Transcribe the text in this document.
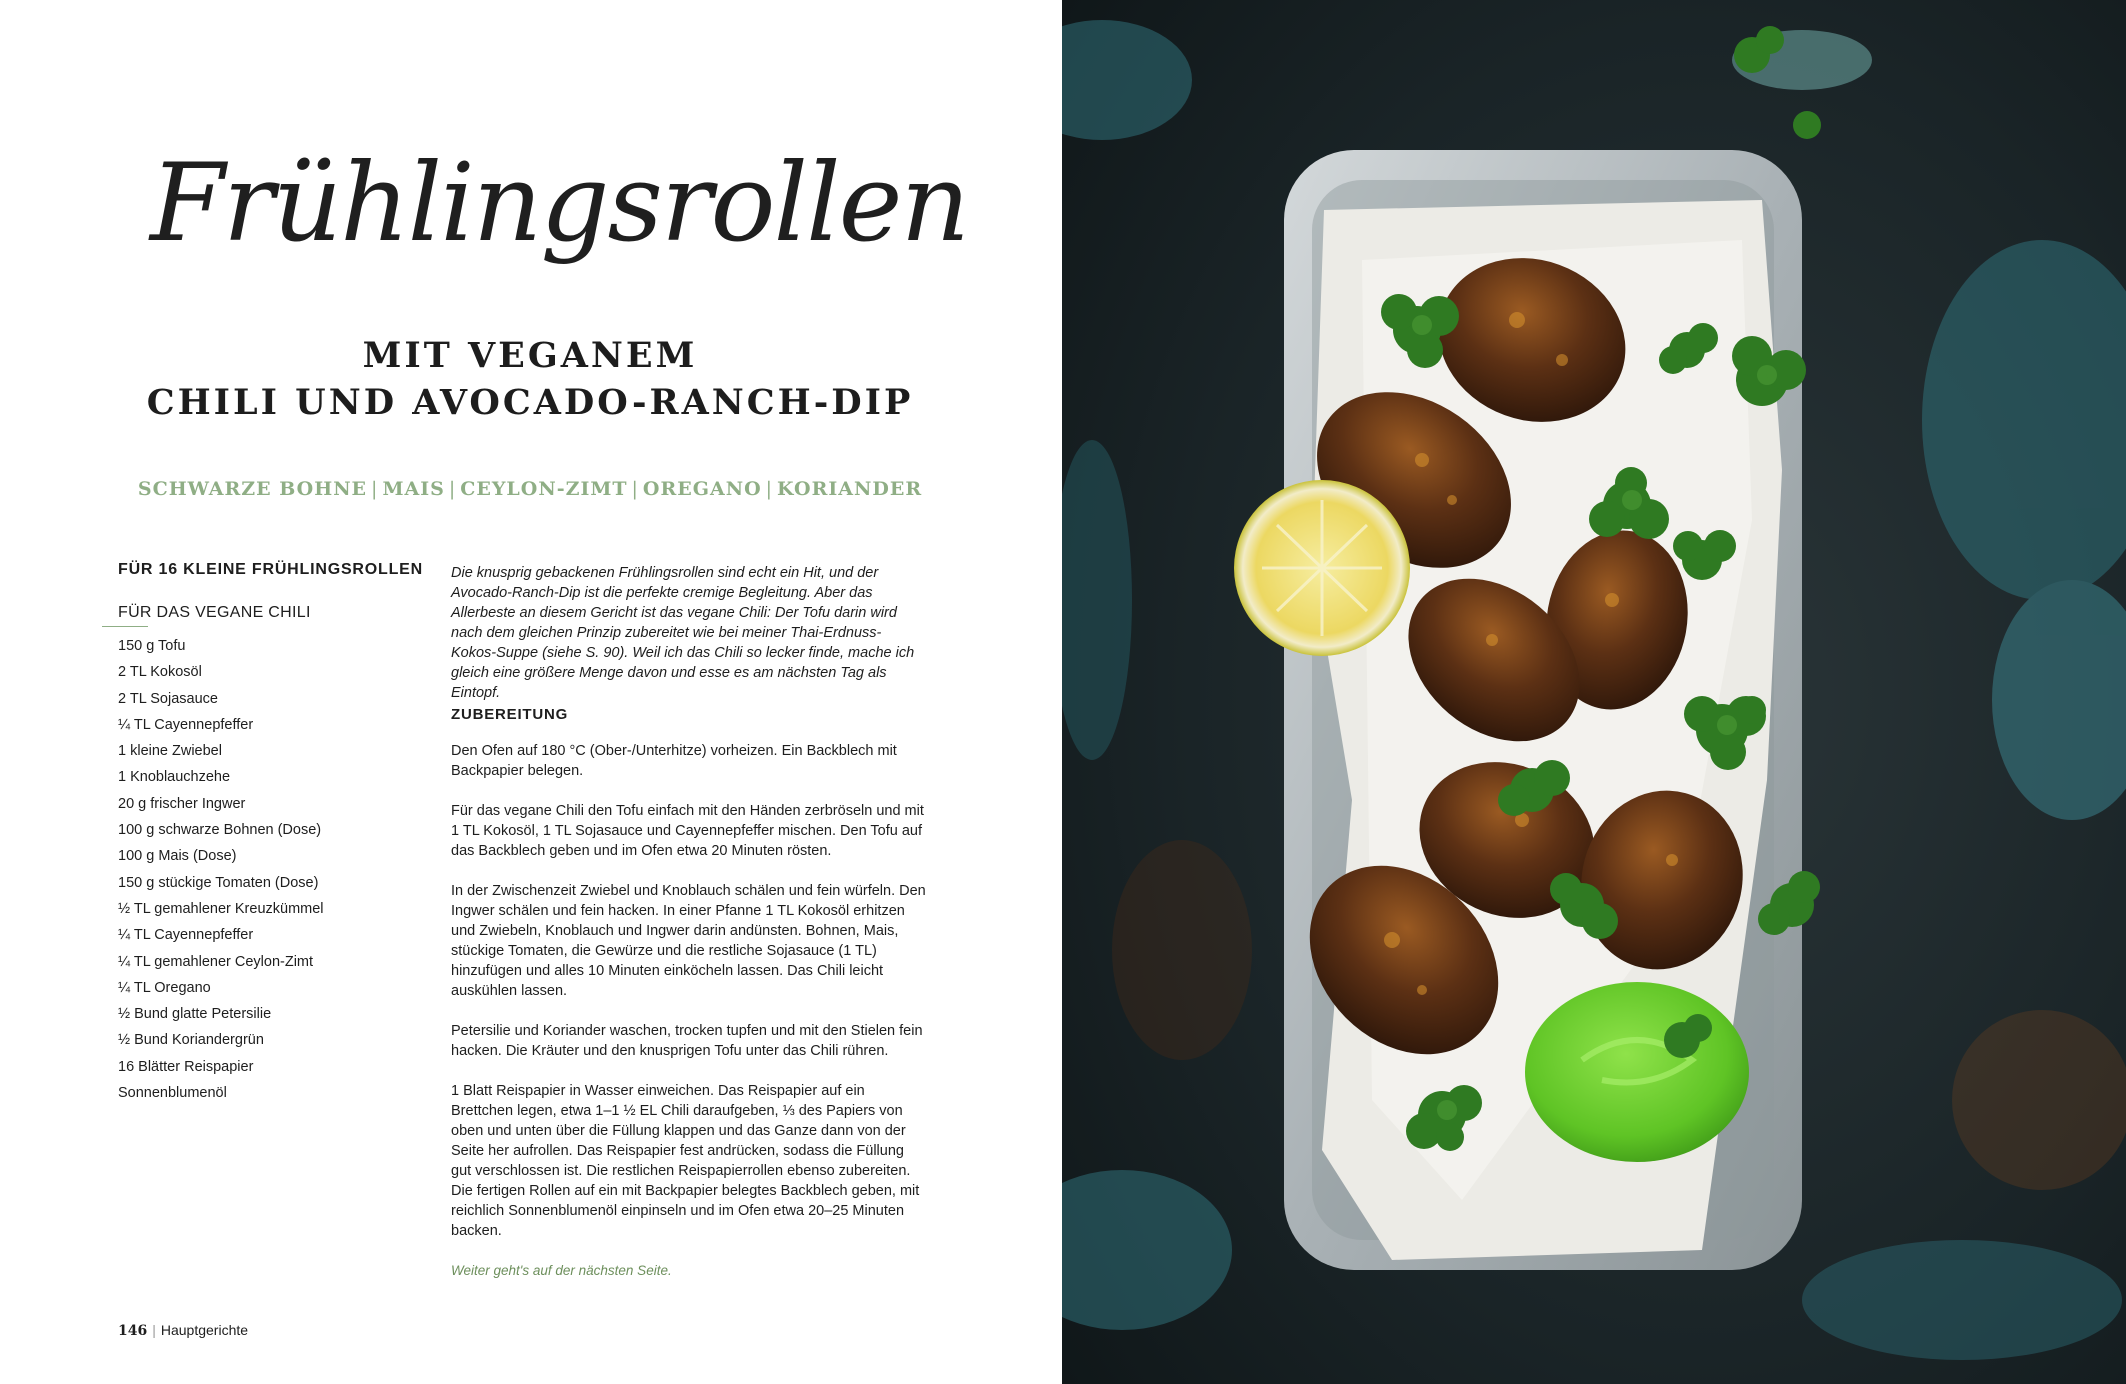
Frühlingsrollen
MIT VEGANEM
CHILI UND AVOCADO-RANCH-DIP
SCHWARZE BOHNE | MAIS | CEYLON-ZIMT | OREGANO | KORIANDER
FÜR 16 KLEINE FRÜHLINGSROLLEN
FÜR DAS VEGANE CHILI
150 g Tofu
2 TL Kokosöl
2 TL Sojasauce
¼ TL Cayennepfeffer
1 kleine Zwiebel
1 Knoblauchzehe
20 g frischer Ingwer
100 g schwarze Bohnen (Dose)
100 g Mais (Dose)
150 g stückige Tomaten (Dose)
½ TL gemahlener Kreuzkümmel
¼ TL Cayennepfeffer
¼ TL gemahlener Ceylon-Zimt
¼ TL Oregano
½ Bund glatte Petersilie
½ Bund Koriandergrün
16 Blätter Reispapier
Sonnenblumenöl
Die knusprig gebackenen Frühlingsrollen sind echt ein Hit, und der Avocado-Ranch-Dip ist die perfekte cremige Begleitung. Aber das Allerbeste an diesem Gericht ist das vegane Chili: Der Tofu darin wird nach dem gleichen Prinzip zubereitet wie bei meiner Thai-Erdnuss-Kokos-Suppe (siehe S. 90). Weil ich das Chili so lecker finde, mache ich gleich eine größere Menge davon und esse es am nächsten Tag als Eintopf.
ZUBEREITUNG

Den Ofen auf 180 °C (Ober-/Unterhitze) vorheizen. Ein Backblech mit Backpapier belegen.

Für das vegane Chili den Tofu einfach mit den Händen zerbröseln und mit 1 TL Kokosöl, 1 TL Sojasauce und Cayennepfeffer mischen. Den Tofu auf das Backblech geben und im Ofen etwa 20 Minuten rösten.

In der Zwischenzeit Zwiebel und Knoblauch schälen und fein würfeln. Den Ingwer schälen und fein hacken. In einer Pfanne 1 TL Kokosöl erhitzen und Zwiebeln, Knoblauch und Ingwer darin andünsten. Bohnen, Mais, stückige Tomaten, die Gewürze und die restliche Sojasauce (1 TL) hinzufügen und alles 10 Minuten einköcheln lassen. Das Chili leicht auskühlen lassen.

Petersilie und Koriander waschen, trocken tupfen und mit den Stielen fein hacken. Die Kräuter und den knusprigen Tofu unter das Chili rühren.

1 Blatt Reispapier in Wasser einweichen. Das Reispapier auf ein Brettchen legen, etwa 1–1 ½ EL Chili daraufgeben, ⅓ des Papiers von oben und unten über die Füllung klappen und das Ganze dann von der Seite her aufrollen. Das Reispapier fest andrücken, sodass die Füllung gut verschlossen ist. Die restlichen Reispapierrollen ebenso zubereiten. Die fertigen Rollen auf ein mit Backpapier belegtes Backblech geben, mit reichlich Sonnenblumenöl einpinseln und im Ofen etwa 20–25 Minuten backen.

Weiter geht's auf der nächsten Seite.
146 | Hauptgerichte
